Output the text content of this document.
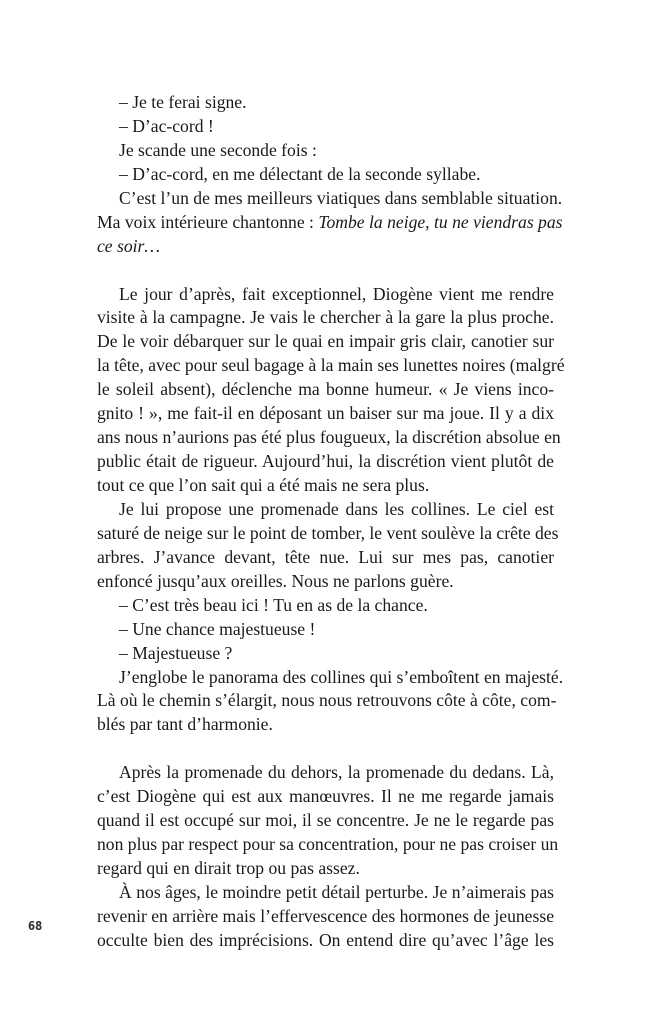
– Je te ferai signe.
– D’ac-cord !
Je scande une seconde fois :
– D’ac-cord, en me délectant de la seconde syllabe.
C’est l’un de mes meilleurs viatiques dans semblable situation.
Ma voix intérieure chantonne : Tombe la neige, tu ne viendras pas
ce soir…
Le jour d’après, fait exceptionnel, Diogène vient me rendre
visite à la campagne. Je vais le chercher à la gare la plus proche.
De le voir débarquer sur le quai en impair gris clair, canotier sur
la tête, avec pour seul bagage à la main ses lunettes noires (malgré
le soleil absent), déclenche ma bonne humeur. « Je viens inco-
gnito ! », me fait-il en déposant un baiser sur ma joue. Il y a dix
ans nous n’aurions pas été plus fougueux, la discrétion absolue en
public était de rigueur. Aujourd’hui, la discrétion vient plutôt de
tout ce que l’on sait qui a été mais ne sera plus.
Je lui propose une promenade dans les collines. Le ciel est
saturé de neige sur le point de tomber, le vent soulève la crête des
arbres. J’avance devant, tête nue. Lui sur mes pas, canotier
enfoncé jusqu’aux oreilles. Nous ne parlons guère.
– C’est très beau ici ! Tu en as de la chance.
– Une chance majestueuse !
– Majestueuse ?
J’englobe le panorama des collines qui s’emboîtent en majesté.
Là où le chemin s’élargit, nous nous retrouvons côte à côte, com-
blés par tant d’harmonie.
Après la promenade du dehors, la promenade du dedans. Là,
c’est Diogène qui est aux manœuvres. Il ne me regarde jamais
quand il est occupé sur moi, il se concentre. Je ne le regarde pas
non plus par respect pour sa concentration, pour ne pas croiser un
regard qui en dirait trop ou pas assez.
À nos âges, le moindre petit détail perturbe. Je n’aimerais pas
revenir en arrière mais l’effervescence des hormones de jeunesse
occulte bien des imprécisions. On entend dire qu’avec l’âge les
68
